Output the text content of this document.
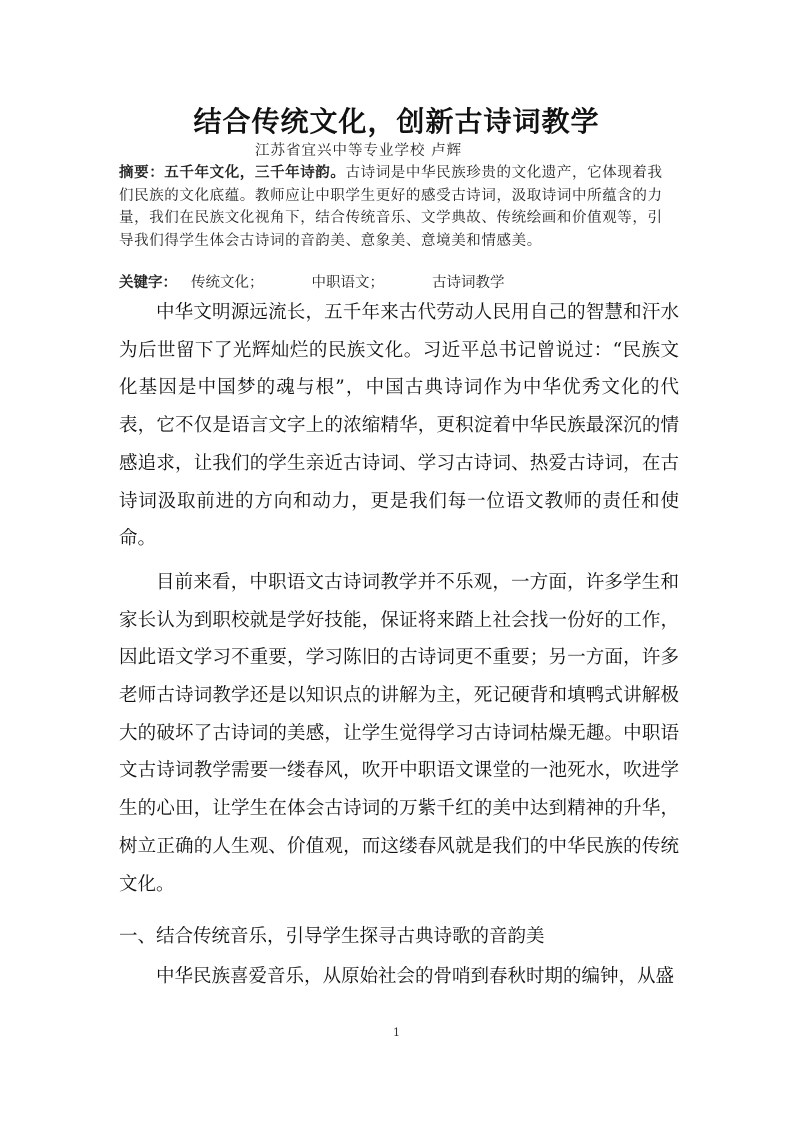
结合传统文化，创新古诗词教学
江苏省宜兴中等专业学校 卢辉
摘要：五千年文化，三千年诗韵。古诗词是中华民族珍贵的文化遗产，它体现着我们民族的文化底蕴。教师应让中职学生更好的感受古诗词，汲取诗词中所蕴含的力量，我们在民族文化视角下，结合传统音乐、文学典故、传统绘画和价值观等，引导我们得学生体会古诗词的音韵美、意象美、意境美和情感美。
关键字： 传统文化；	中职语文；	古诗词教学

中华文明源远流长，五千年来古代劳动人民用自己的智慧和汗水为后世留下了光辉灿烂的民族文化。习近平总书记曾说过：“民族文化基因是中国梦的魂与根”，中国古典诗词作为中华优秀文化的代表，它不仅是语言文字上的浓缩精华，更积淀着中华民族最深沉的情感追求，让我们的学生亲近古诗词、学习古诗词、热爱古诗词，在古诗词汲取前进的方向和动力，更是我们每一位语文教师的责任和使命。

目前来看，中职语文古诗词教学并不乐观，一方面，许多学生和家长认为到职校就是学好技能，保证将来踏上社会找一份好的工作，因此语文学习不重要，学习陈旧的古诗词更不重要；另一方面，许多老师古诗词教学还是以知识点的讲解为主，死记硬背和填鸭式讲解极大的破坏了古诗词的美感，让学生觉得学习古诗词枯燥无趣。中职语文古诗词教学需要一缕春风，吹开中职语文课堂的一池死水，吹进学生的心田，让学生在体会古诗词的万紫千红的美中达到精神的升华，树立正确的人生观、价值观，而这缕春风就是我们的中华民族的传统文化。

一、结合传统音乐，引导学生探寻古典诗歌的音韵美
中华民族喜爱音乐，从原始社会的骨哨到春秋时期的编钟，从盛
1
